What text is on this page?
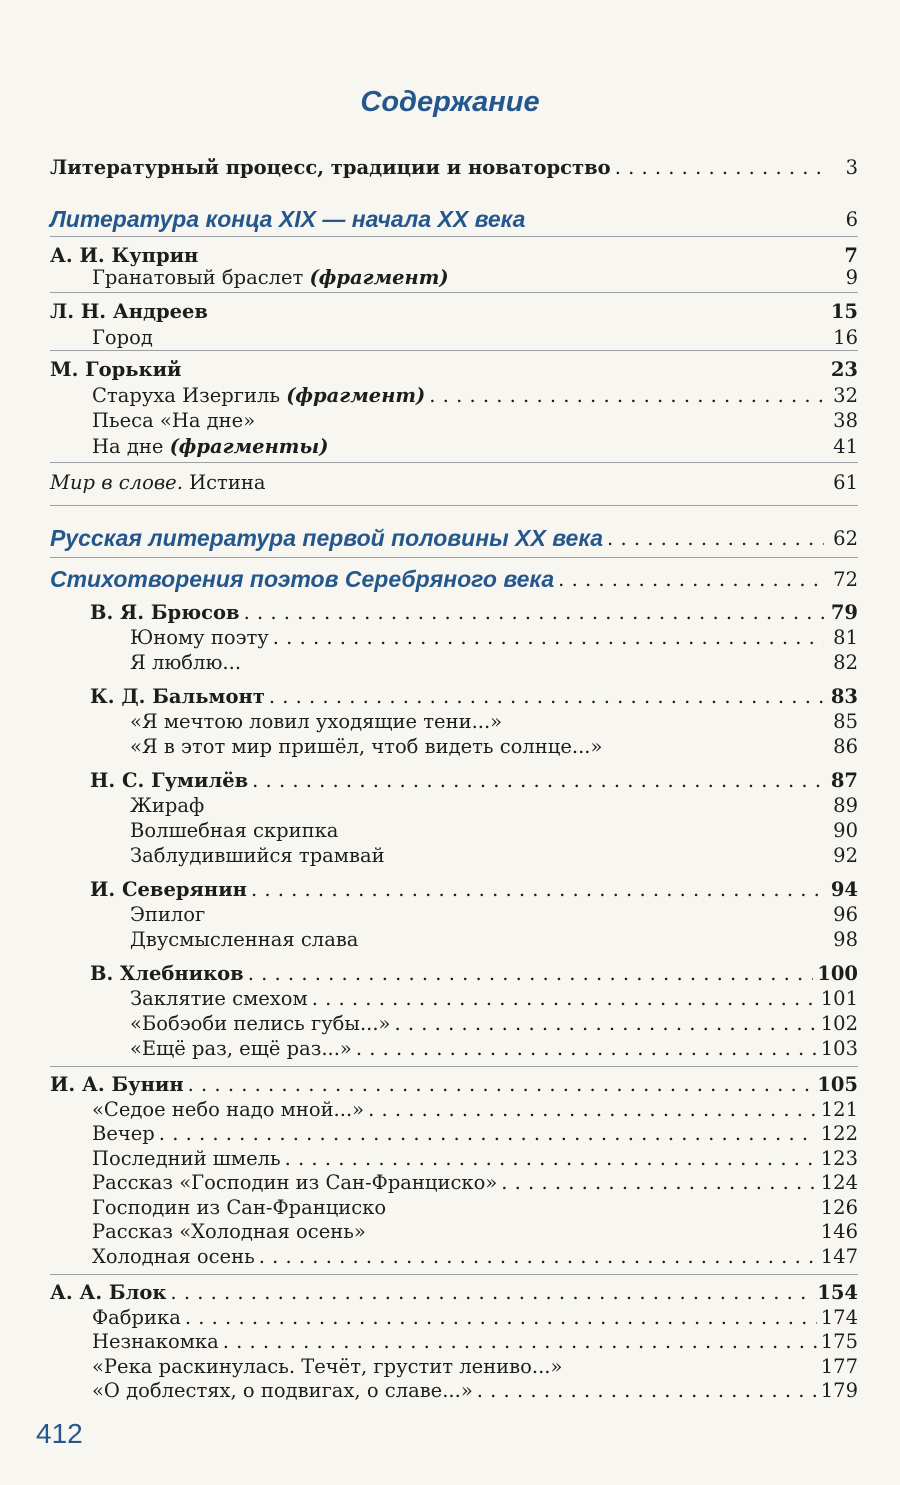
Содержание
Литературный процесс, традиции и новаторство . . .	3
Литература конца XIX — начала XX века	6
А. И. Куприн	7
Гранатовый браслет (фрагмент)	9
Л. Н. Андреев	15
Город	16
М. Горький	23
Старуха Изергиль (фрагмент) . . .	32
Пьеса «На дне»	38
На дне (фрагменты)	41
Мир в слове. Истина	61
Русская литература первой половины XX века . . .	62
Стихотворения поэтов Серебряного века . . .	72
В. Я. Брюсов . . .	79
Юному поэту . . .	81
Я люблю...	82
К. Д. Бальмонт . . .	83
«Я мечтою ловил уходящие тени...»	85
«Я в этот мир пришёл, чтоб видеть солнце...»	86
Н. С. Гумилёв . . .	87
Жираф	89
Волшебная скрипка	90
Заблудившийся трамвай	92
И. Северянин . . .	94
Эпилог	96
Двусмысленная слава	98
В. Хлебников . . .	100
Заклятие смехом . . .	101
«Бобэоби пелись губы...» . . .	102
«Ещё раз, ещё раз...» . . .	103
И. А. Бунин . . .	105
«Седое небо надо мной...» . . .	121
Вечер . . .	122
Последний шмель . . .	123
Рассказ «Господин из Сан-Франциско» . . .	124
Господин из Сан-Франциско	126
Рассказ «Холодная осень»	146
Холодная осень . . .	147
А. А. Блок . . .	154
Фабрика . . .	174
Незнакомка . . .	175
«Река раскинулась. Течёт, грустит лениво...»	177
«О доблестях, о подвигах, о славе...» . . .	179
412
